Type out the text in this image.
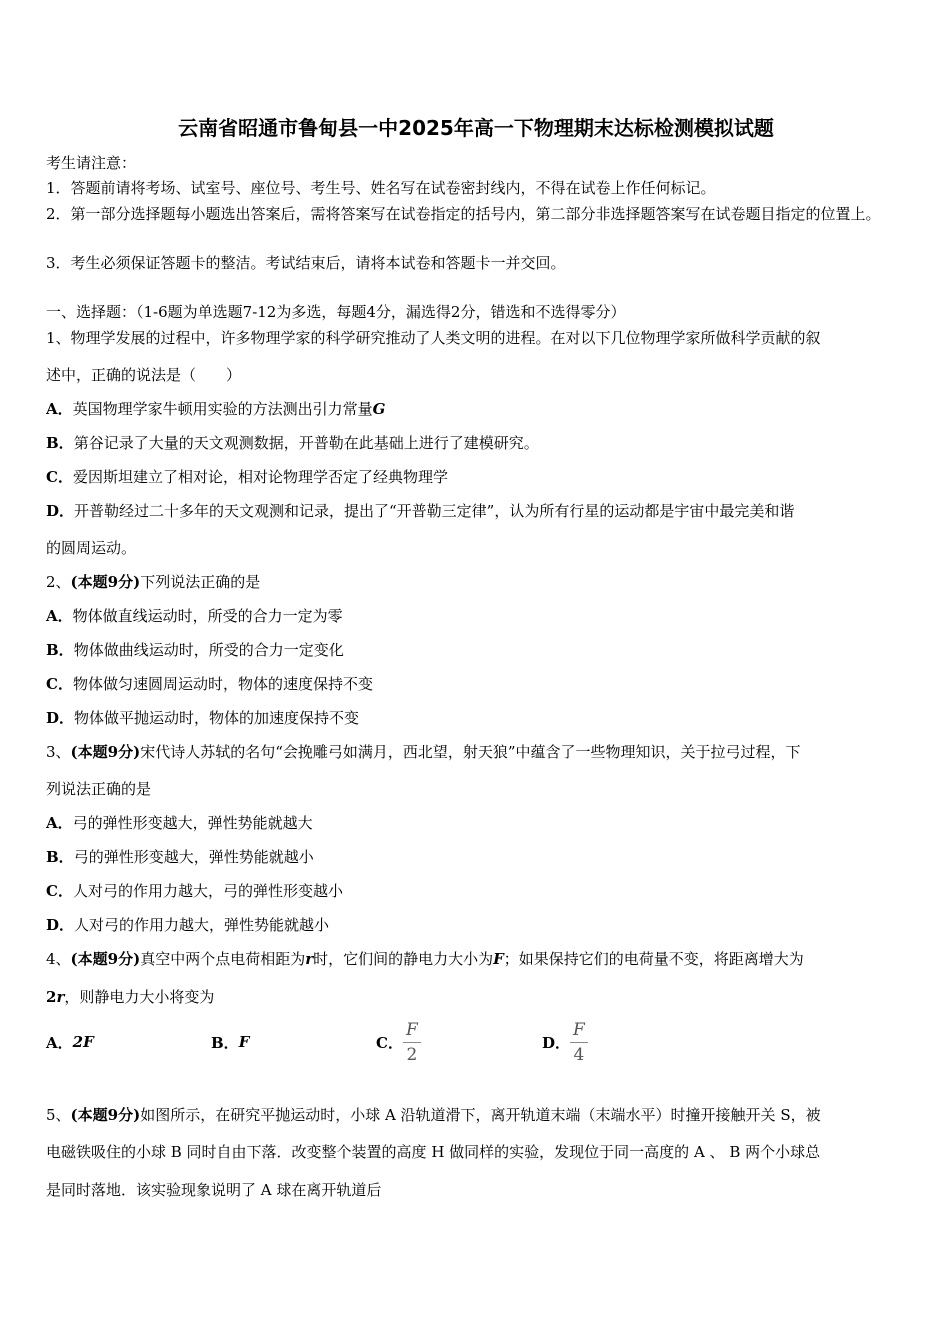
云南省昭通市鲁甸县一中2025年高一下物理期末达标检测模拟试题
考生请注意：
1．答题前请将考场、试室号、座位号、考生号、姓名写在试卷密封线内，不得在试卷上作任何标记。
2．第一部分选择题每小题选出答案后，需将答案写在试卷指定的括号内，第二部分非选择题答案写在试卷题目指定的位置上。
3．考生必须保证答题卡的整洁。考试结束后，请将本试卷和答题卡一并交回。
一、选择题：（1-6题为单选题7-12为多选，每题4分，漏选得2分，错选和不选得零分）
1、物理学发展的过程中，许多物理学家的科学研究推动了人类文明的进程。在对以下几位物理学家所做科学贡献的叙
述中，正确的说法是（　　）
A．英国物理学家牛顿用实验的方法测出引力常量G
B．第谷记录了大量的天文观测数据，开普勒在此基础上进行了建模研究。
C．爱因斯坦建立了相对论，相对论物理学否定了经典物理学
D．开普勒经过二十多年的天文观测和记录，提出了“开普勒三定律”，认为所有行星的运动都是宇宙中最完美和谐
的圆周运动。
2、(本题9分)下列说法正确的是
A．物体做直线运动时，所受的合力一定为零
B．物体做曲线运动时，所受的合力一定变化
C．物体做匀速圆周运动时，物体的速度保持不变
D．物体做平抛运动时，物体的加速度保持不变
3、(本题9分)宋代诗人苏轼的名句“会挽雕弓如满月，西北望，射天狼”中蕴含了一些物理知识，关于拉弓过程，下
列说法正确的是
A．弓的弹性形变越大，弹性势能就越大
B．弓的弹性形变越大，弹性势能就越小
C．人对弓的作用力越大，弓的弹性形变越小
D．人对弓的作用力越大，弹性势能就越小
4、(本题9分)真空中两个点电荷相距为r时，它们间的静电力大小为F；如果保持它们的电荷量不变，将距离增大为
2r，则静电力大小将变为
A． 2F	B． F	C． $\frac{F}{2}$	D． $\frac{F}{4}$
5、(本题9分)如图所示，在研究平抛运动时，小球 A 沿轨道滑下，离开轨道末端（末端水平）时撞开接触开关 S，被
电磁铁吸住的小球 B 同时自由下落．改变整个装置的高度 H 做同样的实验，发现位于同一高度的 A 、 B 两个小球总
是同时落地．该实验现象说明了 A 球在离开轨道后
